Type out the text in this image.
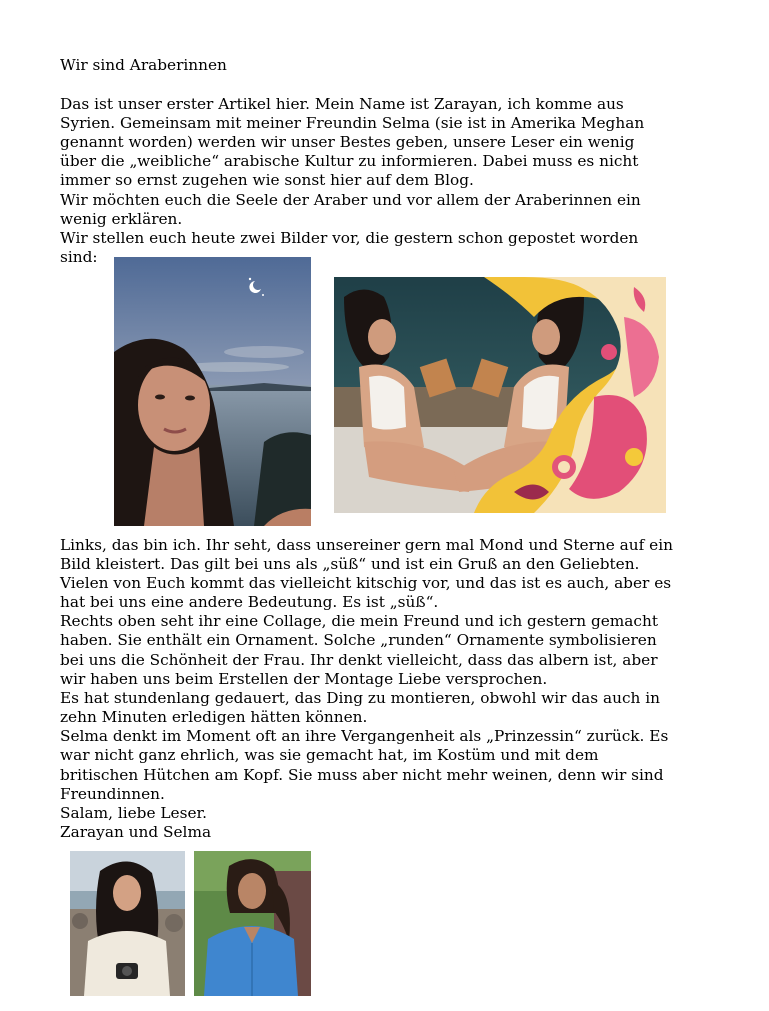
Wir sind Araberinnen
Das ist unser erster Artikel hier. Mein Name ist Zarayan, ich komme aus
Syrien. Gemeinsam mit meiner Freundin Selma (sie ist in Amerika Meghan
genannt worden) werden wir unser Bestes geben, unsere Leser ein wenig
über die „weibliche“ arabische Kultur zu informieren. Dabei muss es nicht
immer so ernst zugehen wie sonst hier auf dem Blog.
Wir möchten euch die Seele der Araber und vor allem der Araberinnen ein
wenig erklären.
Wir stellen euch heute zwei Bilder vor, die gestern schon gepostet worden
sind:
Links, das bin ich. Ihr seht, dass unsereiner gern mal Mond und Sterne auf ein
Bild kleistert. Das gilt bei uns als „süß“ und ist ein Gruß an den Geliebten.
Vielen von Euch kommt das vielleicht kitschig vor, und das ist es auch, aber es
hat bei uns eine andere Bedeutung. Es ist „süß“.
Rechts oben seht ihr eine Collage, die mein Freund und ich gestern gemacht
haben. Sie enthält ein Ornament. Solche „runden“ Ornamente symbolisieren
bei uns die Schönheit der Frau. Ihr denkt vielleicht, dass das albern ist, aber
wir haben uns beim Erstellen der Montage Liebe versprochen.
Es hat stundenlang gedauert, das Ding zu montieren, obwohl wir das auch in
zehn Minuten erledigen hätten können.
Selma denkt im Moment oft an ihre Vergangenheit als „Prinzessin“ zurück. Es
war nicht ganz ehrlich, was sie gemacht hat, im Kostüm und mit dem
britischen Hütchen am Kopf. Sie muss aber nicht mehr weinen, denn wir sind
Freundinnen.
Salam, liebe Leser.
Zarayan und Selma
